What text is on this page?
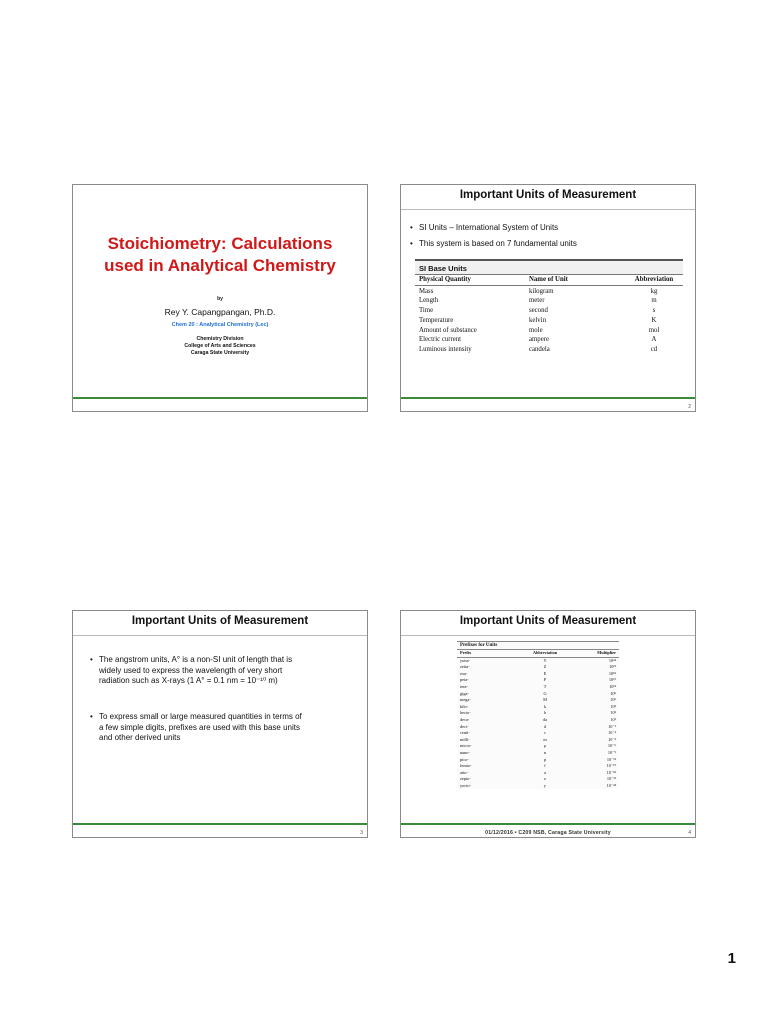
Stoichiometry: Calculations
used in Analytical Chemistry
by
Rey Y. Capangpangan, Ph.D.
Chem 20 : Analytical Chemistry (Lec)
Chemistry Division
College of Arts and Sciences
Caraga State University
Important Units of Measurement
• SI Units – International System of Units
• This system is based on 7 fundamental units
SI Base Units
Physical Quantity	Name of Unit	Abbreviation
Mass	kilogram	kg
Length	meter	m
Time	second	s
Temperature	kelvin	K
Amount of substance	mole	mol
Electric current	ampere	A
Luminous intensity	candela	cd
2
Important Units of Measurement
• The angstrom units, A° is a non-SI unit of length that is
widely used to express the wavelength of very short
radiation such as X-rays (1 A° = 0.1 nm = 10⁻¹⁰ m)
• To express small or large measured quantities in terms of
a few simple digits, prefixes are used with this base units
and other derived units
3
Important Units of Measurement
Prefixes for Units
Prefix	Abbreviation	Multiplier
yotta-	Y	10²⁴
zetta-	Z	10²¹
exa-	E	10¹⁸
peta-	P	10¹⁵
tera-	T	10¹²
giga-	G	10⁹
mega-	M	10⁶
kilo-	k	10³
hecto-	h	10²
deca-	da	10¹
deci-	d	10⁻¹
centi-	c	10⁻²
milli-	m	10⁻³
micro-	μ	10⁻⁶
nano-	n	10⁻⁹
pico-	p	10⁻¹²
femto-	f	10⁻¹⁵
atto-	a	10⁻¹⁸
zepto-	z	10⁻²¹
yocto-	y	10⁻²⁴
01/12/2016 • C209 NSB, Caraga State University	4
1
